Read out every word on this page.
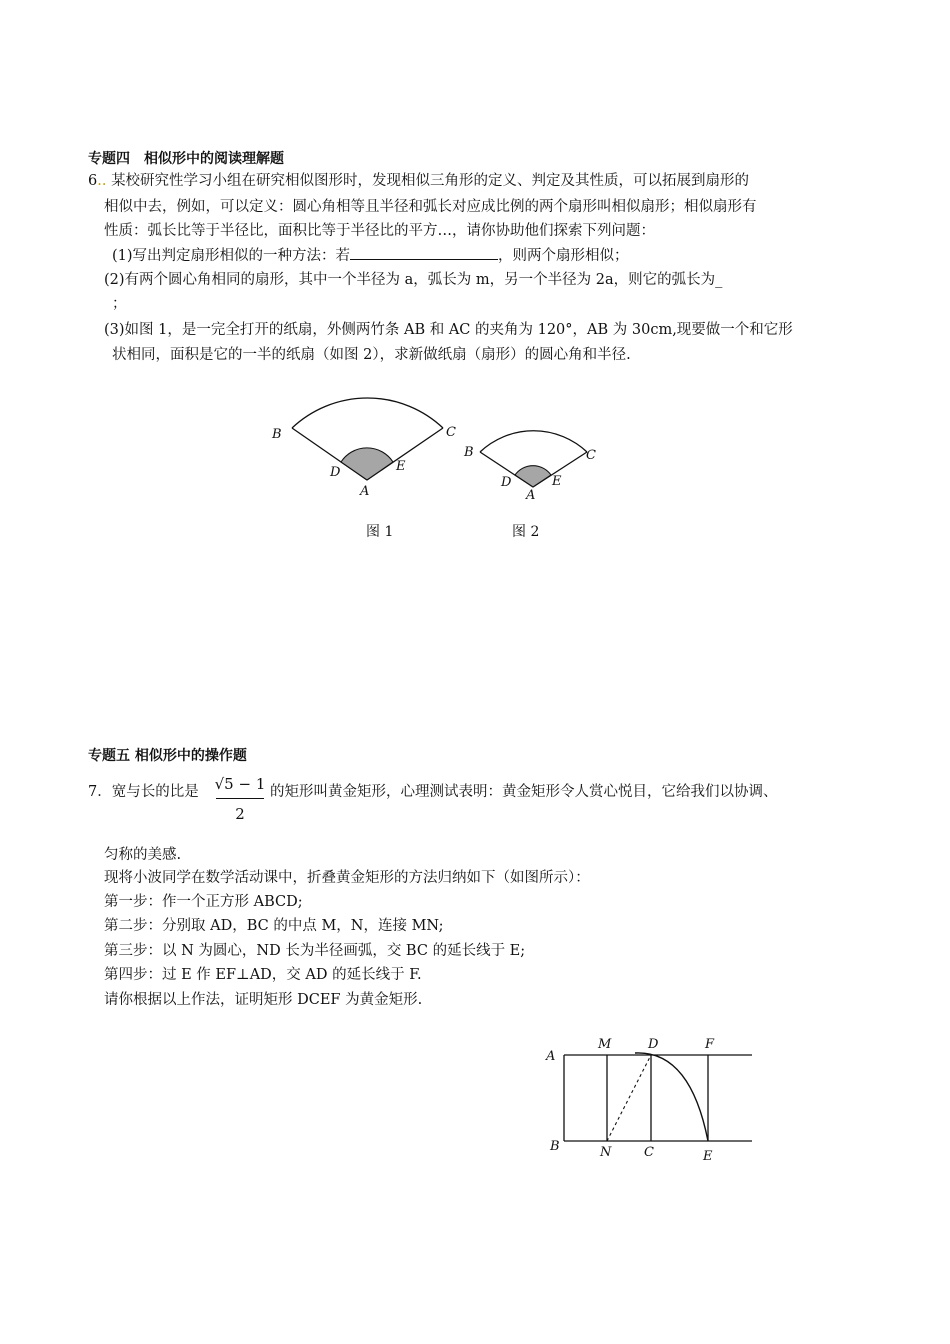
专题四　相似形中的阅读理解题
6.. 某校研究性学习小组在研究相似图形时，发现相似三角形的定义、判定及其性质，可以拓展到扇形的
相似中去，例如，可以定义：圆心角相等且半径和弧长对应成比例的两个扇形叫相似扇形；相似扇形有
性质：弧长比等于半径比，面积比等于半径比的平方…，请你协助他们探索下列问题：
(1)写出判定扇形相似的一种方法：若	，则两个扇形相似；
(2)有两个圆心角相同的扇形，其中一个半径为 a，弧长为 m，另一个半径为 2a，则它的弧长为_
；
(3)如图 1，是一完全打开的纸扇，外侧两竹条 AB 和 AC 的夹角为 120°，AB 为 30cm,现要做一个和它形
状相同，面积是它的一半的纸扇（如图 2），求新做纸扇（扇形）的圆心角和半径.
B	C
D	E
A
B	C
D	E
A
图 1	图 2
专题五 相似形中的操作题
7．宽与长的比是 √5 − 1
2
的矩形叫黄金矩形，心理测试表明：黄金矩形令人赏心悦目，它给我们以协调、
匀称的美感.
现将小波同学在数学活动课中，折叠黄金矩形的方法归纳如下（如图所示）：
第一步：作一个正方形 ABCD;
第二步：分别取 AD，BC 的中点 M，N，连接 MN;
第三步：以 N 为圆心，ND 长为半径画弧，交 BC 的延长线于 E;
第四步：过 E 作 EF⊥AD，交 AD 的延长线于 F.
请你根据以上作法，证明矩形 DCEF 为黄金矩形.
A
M	D	F
B	N	C	E
